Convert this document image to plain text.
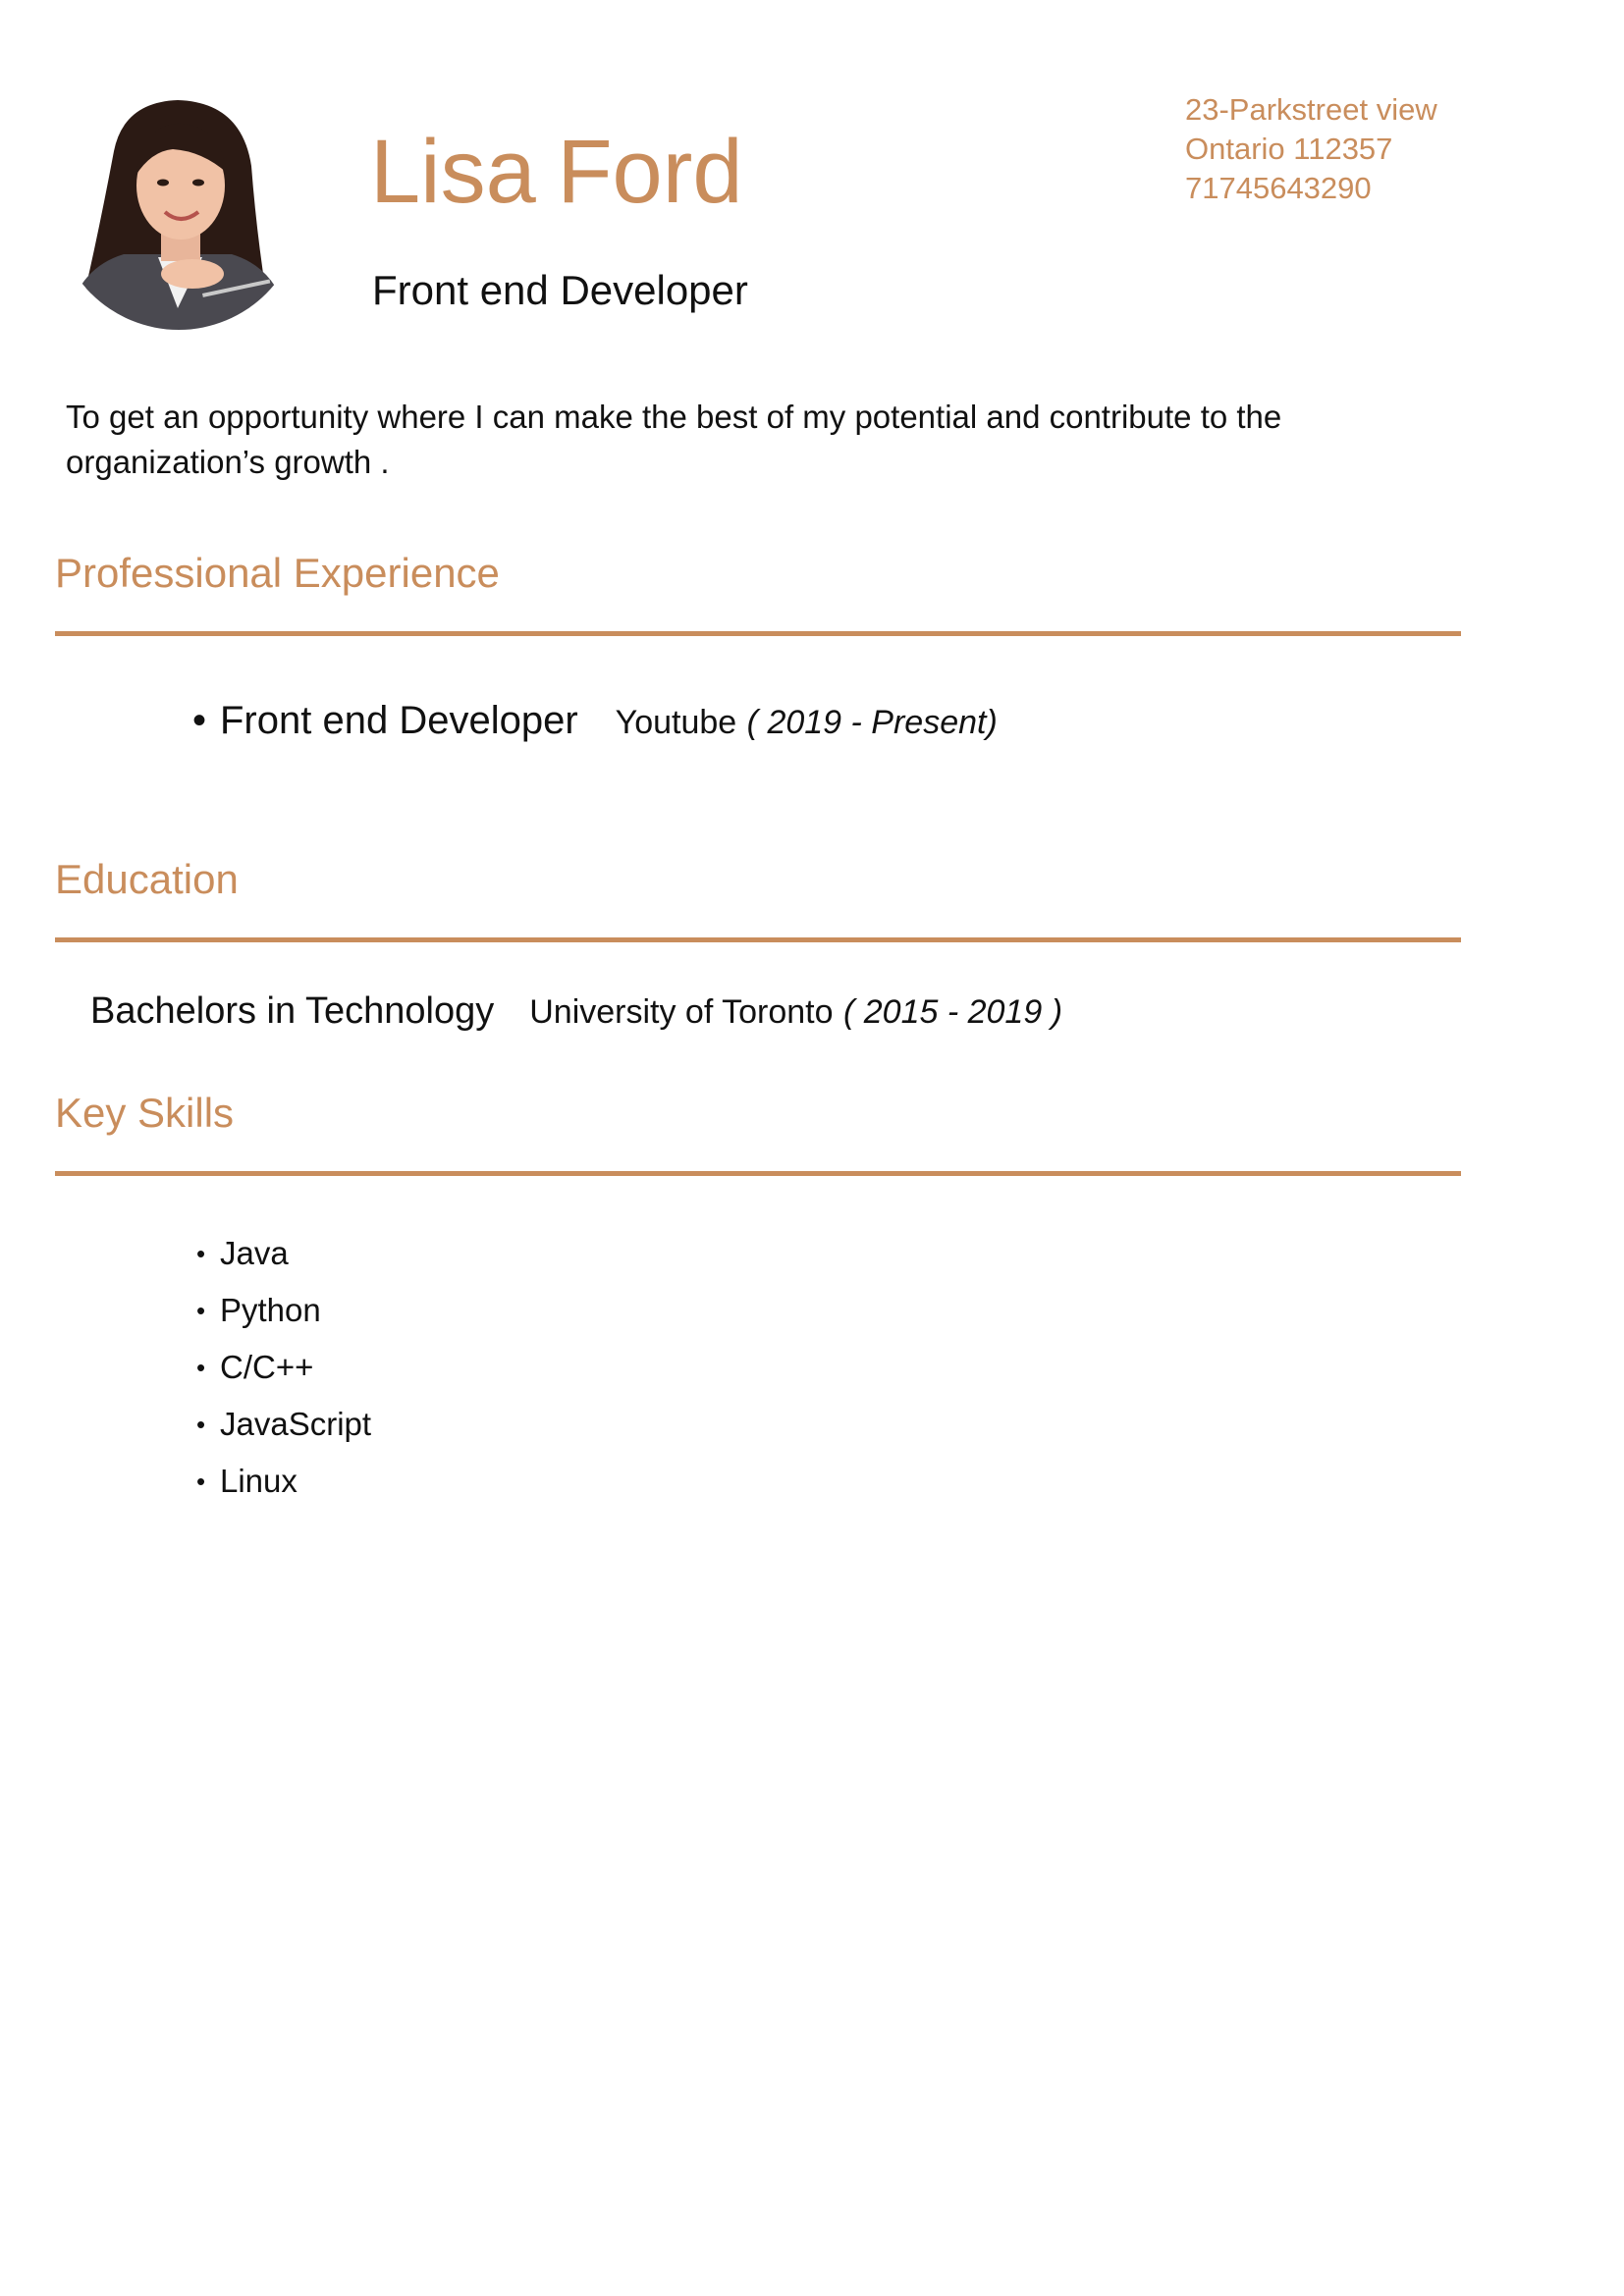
Lisa Ford
Front end Developer
23-Parkstreet view
Ontario 112357
71745643290
To get an opportunity where I can make the best of my potential and contribute to the organization’s growth .
Professional Experience
• Front end Developer Youtube ( 2019 - Present)
Education
Bachelors in Technology University of Toronto ( 2015 - 2019 )
Key Skills
• Java
• Python
• C/C++
• JavaScript
• Linux
